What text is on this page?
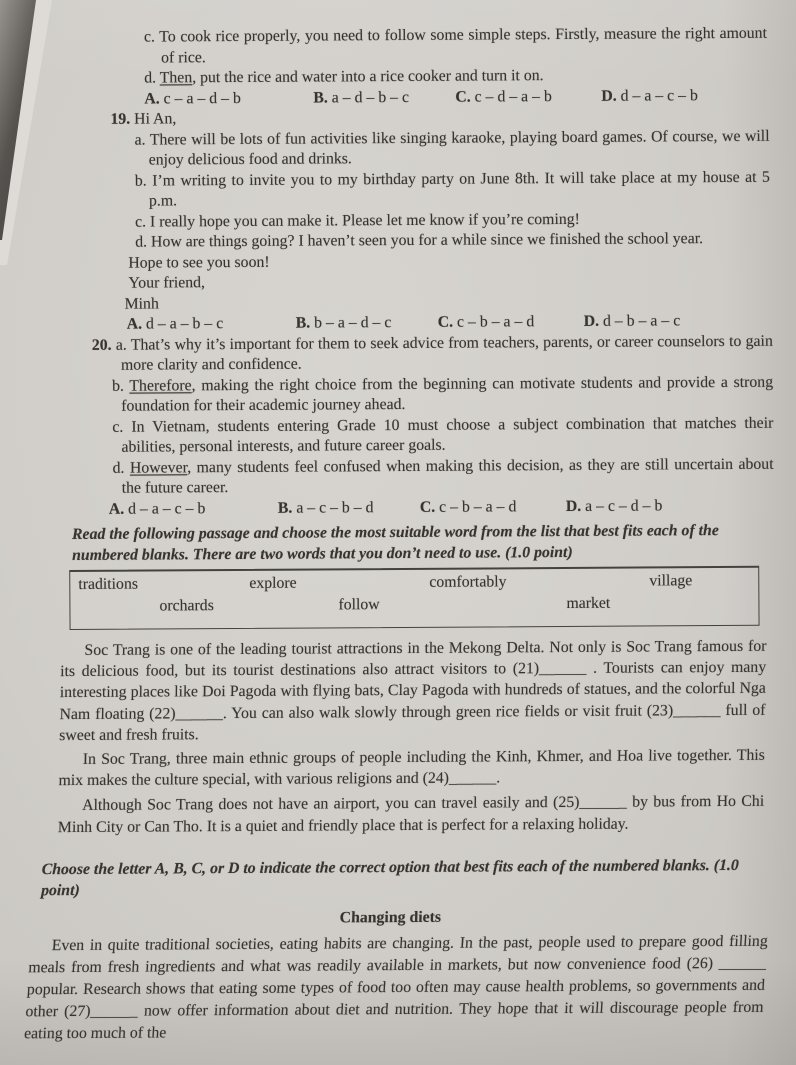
c. To cook rice properly, you need to follow some simple steps. Firstly, measure the right amount of rice.

d. Then, put the rice and water into a rice cooker and turn it on.

A. c – a – d – b	B. a – d – b – c	C. c – d – a – b	D. d – a – c – b

19. Hi An,

a. There will be lots of fun activities like singing karaoke, playing board games. Of course, we will enjoy delicious food and drinks.

b. I’m writing to invite you to my birthday party on June 8th. It will take place at my house at 5 p.m.

c. I really hope you can make it. Please let me know if you’re coming!

d. How are things going? I haven’t seen you for a while since we finished the school year.

Hope to see you soon!

Your friend,

Minh

A. d – a – b – c	B. b – a – d – c	C. c – b – a – d	D. d – b – a – c

20. a. That’s why it’s important for them to seek advice from teachers, parents, or career counselors to gain more clarity and confidence.

b. Therefore, making the right choice from the beginning can motivate students and provide a strong foundation for their academic journey ahead.

c. In Vietnam, students entering Grade 10 must choose a subject combination that matches their abilities, personal interests, and future career goals.

d. However, many students feel confused when making this decision, as they are still uncertain about the future career.

A. d – a – c – b	B. a – c – b – d	C. c – b – a – d	D. a – c – d – b

Read the following passage and choose the most suitable word from the list that best fits each of the numbered blanks. There are two words that you don’t need to use. (1.0 point)

traditions	explore	comfortably	village
orchards	follow	market

Soc Trang is one of the leading tourist attractions in the Mekong Delta. Not only is Soc Trang famous for its delicious food, but its tourist destinations also attract visitors to (21)______ . Tourists can enjoy many interesting places like Doi Pagoda with flying bats, Clay Pagoda with hundreds of statues, and the colorful Nga Nam floating (22)______. You can also walk slowly through green rice fields or visit fruit (23)______ full of sweet and fresh fruits.

In Soc Trang, three main ethnic groups of people including the Kinh, Khmer, and Hoa live together. This mix makes the culture special, with various religions and (24)______.

Although Soc Trang does not have an airport, you can travel easily and (25)______ by bus from Ho Chi Minh City or Can Tho. It is a quiet and friendly place that is perfect for a relaxing holiday.

Choose the letter A, B, C, or D to indicate the correct option that best fits each of the numbered blanks. (1.0 point)

Changing diets

Even in quite traditional societies, eating habits are changing. In the past, people used to prepare good filling meals from fresh ingredients and what was readily available in markets, but now convenience food (26) ______ popular. Research shows that eating some types of food too often may cause health problems, so governments and other (27)______ now offer information about diet and nutrition. They hope that it will discourage people from eating too much of the
